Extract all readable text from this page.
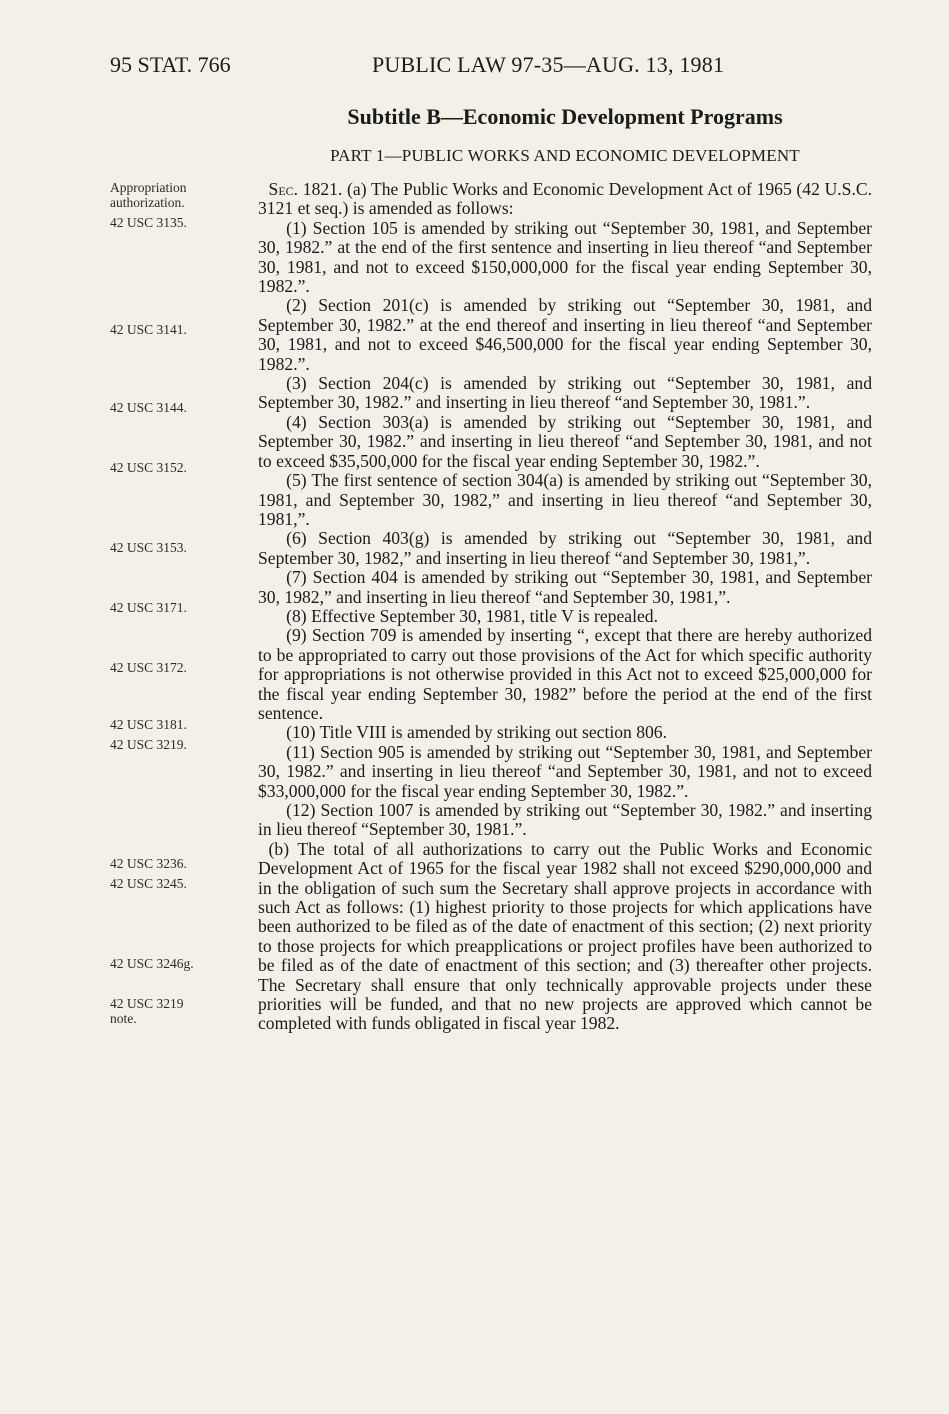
95 STAT. 766	PUBLIC LAW 97-35—AUG. 13, 1981
Subtitle B—Economic Development Programs
PART 1—PUBLIC WORKS AND ECONOMIC DEVELOPMENT
Appropriation authorization.
42 USC 3135.
42 USC 3141.
42 USC 3144.
42 USC 3152.
42 USC 3153.
42 USC 3171.
42 USC 3172.
42 USC 3181.
42 USC 3219.
42 USC 3236.
42 USC 3245.
42 USC 3246g.
42 USC 3219 note.

Sec. 1821. (a) The Public Works and Economic Development Act of 1965 (42 U.S.C. 3121 et seq.) is amended as follows:

(1) Section 105 is amended by striking out “September 30, 1981, and September 30, 1982.” at the end of the first sentence and inserting in lieu thereof “and September 30, 1981, and not to exceed $150,000,000 for the fiscal year ending September 30, 1982.”.

(2) Section 201(c) is amended by striking out “September 30, 1981, and September 30, 1982.” at the end thereof and inserting in lieu thereof “and September 30, 1981, and not to exceed $46,500,000 for the fiscal year ending September 30, 1982.”.

(3) Section 204(c) is amended by striking out “September 30, 1981, and September 30, 1982.” and inserting in lieu thereof “and September 30, 1981.”.

(4) Section 303(a) is amended by striking out “September 30, 1981, and September 30, 1982.” and inserting in lieu thereof “and September 30, 1981, and not to exceed $35,500,000 for the fiscal year ending September 30, 1982.”.

(5) The first sentence of section 304(a) is amended by striking out “September 30, 1981, and September 30, 1982,” and inserting in lieu thereof “and September 30, 1981,”.

(6) Section 403(g) is amended by striking out “September 30, 1981, and September 30, 1982,” and inserting in lieu thereof “and September 30, 1981,”.

(7) Section 404 is amended by striking out “September 30, 1981, and September 30, 1982,” and inserting in lieu thereof “and September 30, 1981,”.

(8) Effective September 30, 1981, title V is repealed.

(9) Section 709 is amended by inserting “, except that there are hereby authorized to be appropriated to carry out those provisions of the Act for which specific authority for appropriations is not otherwise provided in this Act not to exceed $25,000,000 for the fiscal year ending September 30, 1982” before the period at the end of the first sentence.

(10) Title VIII is amended by striking out section 806.

(11) Section 905 is amended by striking out “September 30, 1981, and September 30, 1982.” and inserting in lieu thereof “and September 30, 1981, and not to exceed $33,000,000 for the fiscal year ending September 30, 1982.”.

(12) Section 1007 is amended by striking out “September 30, 1982.” and inserting in lieu thereof “September 30, 1981.”.

(b) The total of all authorizations to carry out the Public Works and Economic Development Act of 1965 for the fiscal year 1982 shall not exceed $290,000,000 and in the obligation of such sum the Secretary shall approve projects in accordance with such Act as follows: (1) highest priority to those projects for which applications have been authorized to be filed as of the date of enactment of this section; (2) next priority to those projects for which preapplications or project profiles have been authorized to be filed as of the date of enactment of this section; and (3) thereafter other projects. The Secretary shall ensure that only technically approvable projects under these priorities will be funded, and that no new projects are approved which cannot be completed with funds obligated in fiscal year 1982.
